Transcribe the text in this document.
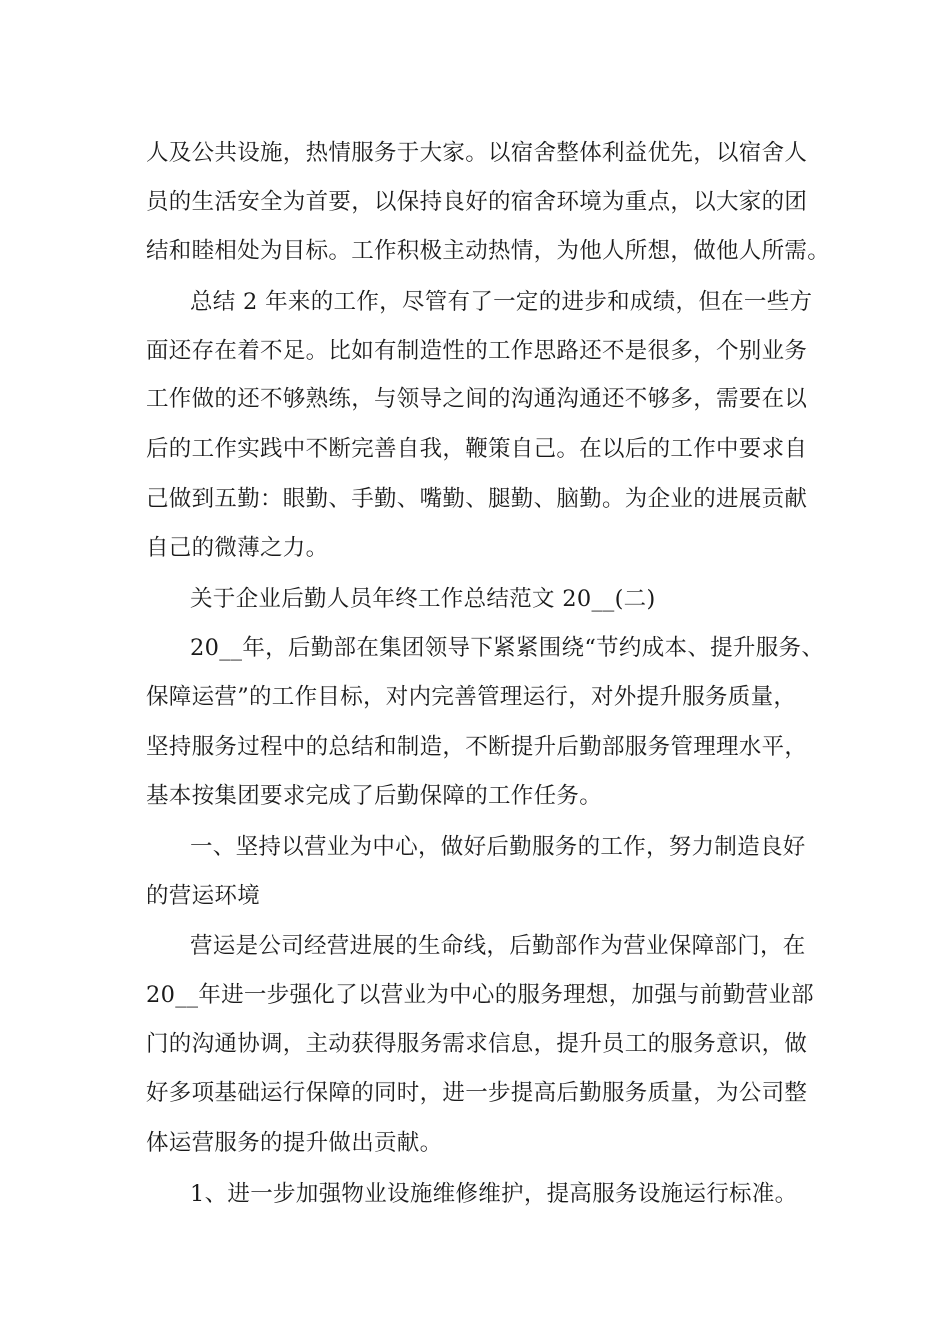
人及公共设施，热情服务于大家。以宿舍整体利益优先，以宿舍人
员的生活安全为首要，以保持良好的宿舍环境为重点，以大家的团
结和睦相处为目标。工作积极主动热情，为他人所想，做他人所需。
总结 2 年来的工作，尽管有了一定的进步和成绩，但在一些方
面还存在着不足。比如有制造性的工作思路还不是很多，个别业务
工作做的还不够熟练，与领导之间的沟通沟通还不够多，需要在以
后的工作实践中不断完善自我，鞭策自己。在以后的工作中要求自
己做到五勤：眼勤、手勤、嘴勤、腿勤、脑勤。为企业的进展贡献
自己的微薄之力。
关于企业后勤人员年终工作总结范文 20__(二)
20__年，后勤部在集团领导下紧紧围绕“节约成本、提升服务、
保障运营”的工作目标，对内完善管理运行，对外提升服务质量，
坚持服务过程中的总结和制造，不断提升后勤部服务管理理水平，
基本按集团要求完成了后勤保障的工作任务。
一、坚持以营业为中心，做好后勤服务的工作，努力制造良好
的营运环境
营运是公司经营进展的生命线，后勤部作为营业保障部门，在
20__年进一步强化了以营业为中心的服务理想，加强与前勤营业部
门的沟通协调，主动获得服务需求信息，提升员工的服务意识，做
好多项基础运行保障的同时，进一步提高后勤服务质量，为公司整
体运营服务的提升做出贡献。
1、进一步加强物业设施维修维护，提高服务设施运行标准。
